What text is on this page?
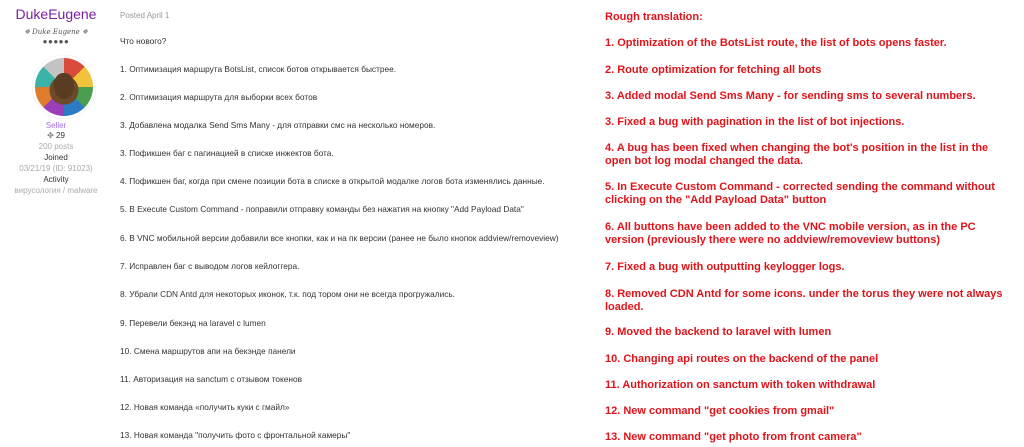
DukeEugene
✵ Duke Eugene ✵
●●●●●
Seller
✤ 29
200 posts
Joined
03/21/19 (ID: 91023)
Activity
вирусология / malware
Posted April 1
Что нового?
1. Оптимизация маршрута BotsList, список ботов открывается быстрее.
2. Оптимизация маршрута для выборки всех ботов
3. Добавлена модалка Send Sms Many - для отправки смс на несколько номеров.
3. Пофикшен баг с пагинацией в списке инжектов бота.
4. Пофикшен баг, когда при смене позиции бота в списке в открытой модалке логов бота изменялись данные.
5. В Execute Custom Command - поправили отправку команды без нажатия на кнопку "Add Payload Data"
6. В VNC мобильной версии добавили все кнопки, как и на пк версии (ранее не было кнопок addview/removeview)
7. Исправлен баг с выводом логов кейлоггера.
8. Убрали CDN Antd для некоторых иконок, т.к. под тором они не всегда прогружались.
9. Перевели бекэнд на laravel с lumen
10. Смена маршрутов апи на бекэнде панели
11. Авторизация на sanctum с отзывом токенов
12. Новая команда «получить куки с гмайл»
13. Новая команда "получить фото с фронтальной камеры"
Rough translation:
1. Optimization of the BotsList route, the list of bots opens faster.
2. Route optimization for fetching all bots
3. Added modal Send Sms Many - for sending sms to several numbers.
3. Fixed a bug with pagination in the list of bot injections.
4. A bug has been fixed when changing the bot's position in the list in the open bot log modal changed the data.
5. In Execute Custom Command - corrected sending the command without clicking on the "Add Payload Data" button
6. All buttons have been added to the VNC mobile version, as in the PC version (previously there were no addview/removeview buttons)
7. Fixed a bug with outputting keylogger logs.
8. Removed CDN Antd for some icons. under the torus they were not always loaded.
9. Moved the backend to laravel with lumen
10. Changing api routes on the backend of the panel
11. Authorization on sanctum with token withdrawal
12. New command "get cookies from gmail"
13. New command "get photo from front camera"
